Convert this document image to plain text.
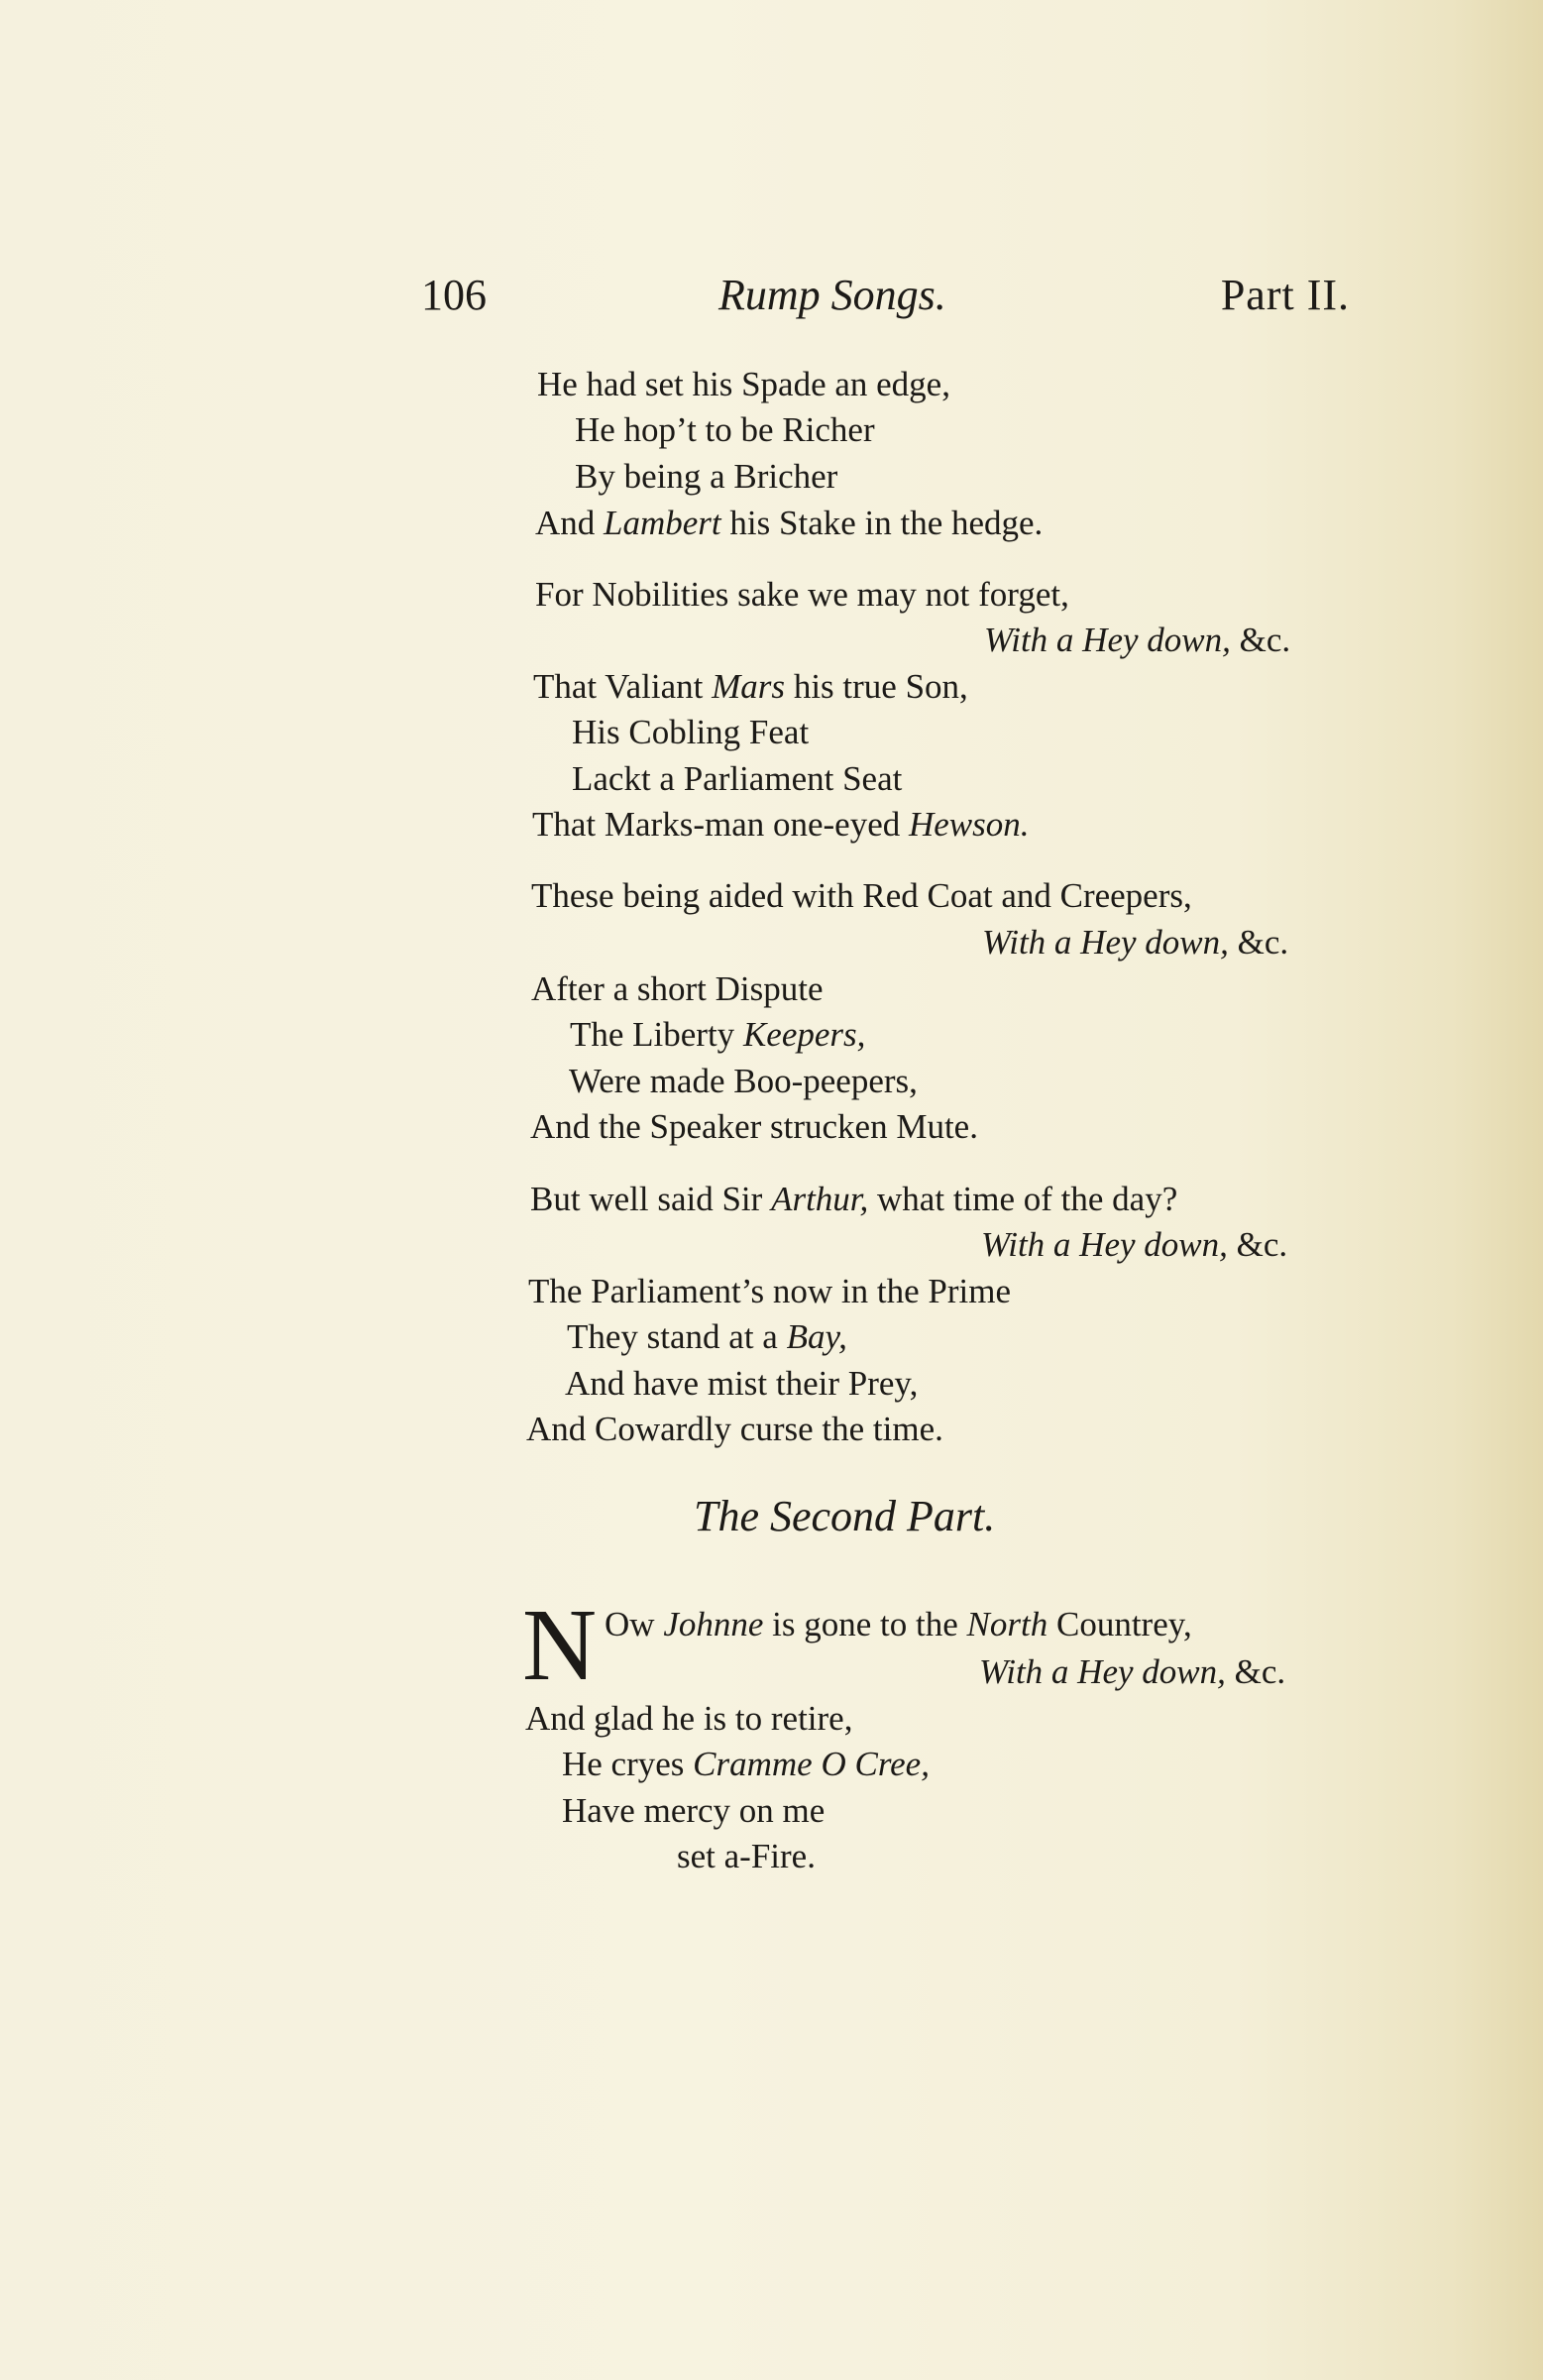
106	Rump Songs.	Part II.
He had set his Spade an edge,
He hop’t to be Richer
By being a Bricher
And Lambert his Stake in the hedge.
For Nobilities sake we may not forget,
With a Hey down, &c.
That Valiant Mars his true Son,
His Cobling Feat
Lackt a Parliament Seat
That Marks-man one-eyed Hewson.
These being aided with Red Coat and Creepers,
With a Hey down, &c.
After a short Dispute
The Liberty Keepers,
Were made Boo-peepers,
And the Speaker strucken Mute.
But well said Sir Arthur, what time of the day?
With a Hey down, &c.
The Parliament’s now in the Prime
They stand at a Bay,
And have mist their Prey,
And Cowardly curse the time.
The Second Part.
N Ow Johnne is gone to the North Countrey,
With a Hey down, &c.
And glad he is to retire,
He cryes Cramme O Cree,
Have mercy on me
set a-Fire.
